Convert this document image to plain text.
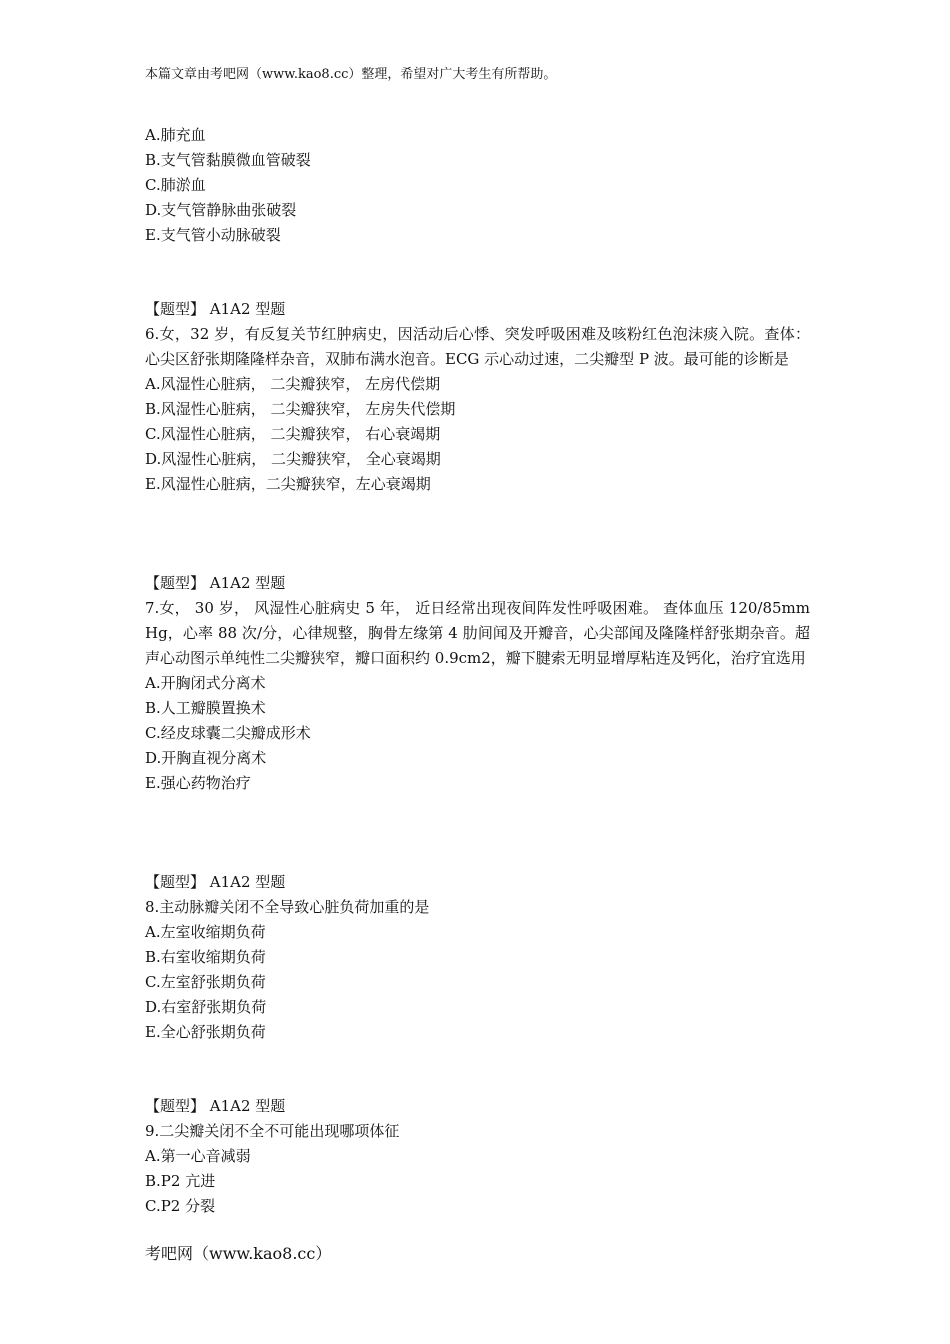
本篇文章由考吧网（www.kao8.cc）整理，希望对广大考生有所帮助。
A.肺充血
B.支气管黏膜微血管破裂
C.肺淤血
D.支气管静脉曲张破裂
E.支气管小动脉破裂
【题型】 A1A2 型题
6.女，32 岁，有反复关节红肿病史，因活动后心悸、突发呼吸困难及咳粉红色泡沫痰入院。查体：心尖区舒张期隆隆样杂音，双肺布满水泡音。ECG 示心动过速，二尖瓣型 P 波。最可能的诊断是
A.风湿性心脏病， 二尖瓣狭窄， 左房代偿期
B.风湿性心脏病， 二尖瓣狭窄， 左房失代偿期
C.风湿性心脏病， 二尖瓣狭窄， 右心衰竭期
D.风湿性心脏病， 二尖瓣狭窄， 全心衰竭期
E.风湿性心脏病，二尖瓣狭窄，左心衰竭期
【题型】 A1A2 型题
7.女， 30 岁， 风湿性心脏病史 5 年， 近日经常出现夜间阵发性呼吸困难。 查体血压 120/85mmHg，心率 88 次/分，心律规整，胸骨左缘第 4 肋间闻及开瓣音，心尖部闻及隆隆样舒张期杂音。超声心动图示单纯性二尖瓣狭窄，瓣口面积约 0.9cm2，瓣下腱索无明显增厚粘连及钙化，治疗宜选用
A.开胸闭式分离术
B.人工瓣膜置换术
C.经皮球囊二尖瓣成形术
D.开胸直视分离术
E.强心药物治疗
【题型】 A1A2 型题
8.主动脉瓣关闭不全导致心脏负荷加重的是
A.左室收缩期负荷
B.右室收缩期负荷
C.左室舒张期负荷
D.右室舒张期负荷
E.全心舒张期负荷
【题型】 A1A2 型题
9.二尖瓣关闭不全不可能出现哪项体征
A.第一心音减弱
B.P2 亢进
C.P2 分裂
考吧网（www.kao8.cc）
